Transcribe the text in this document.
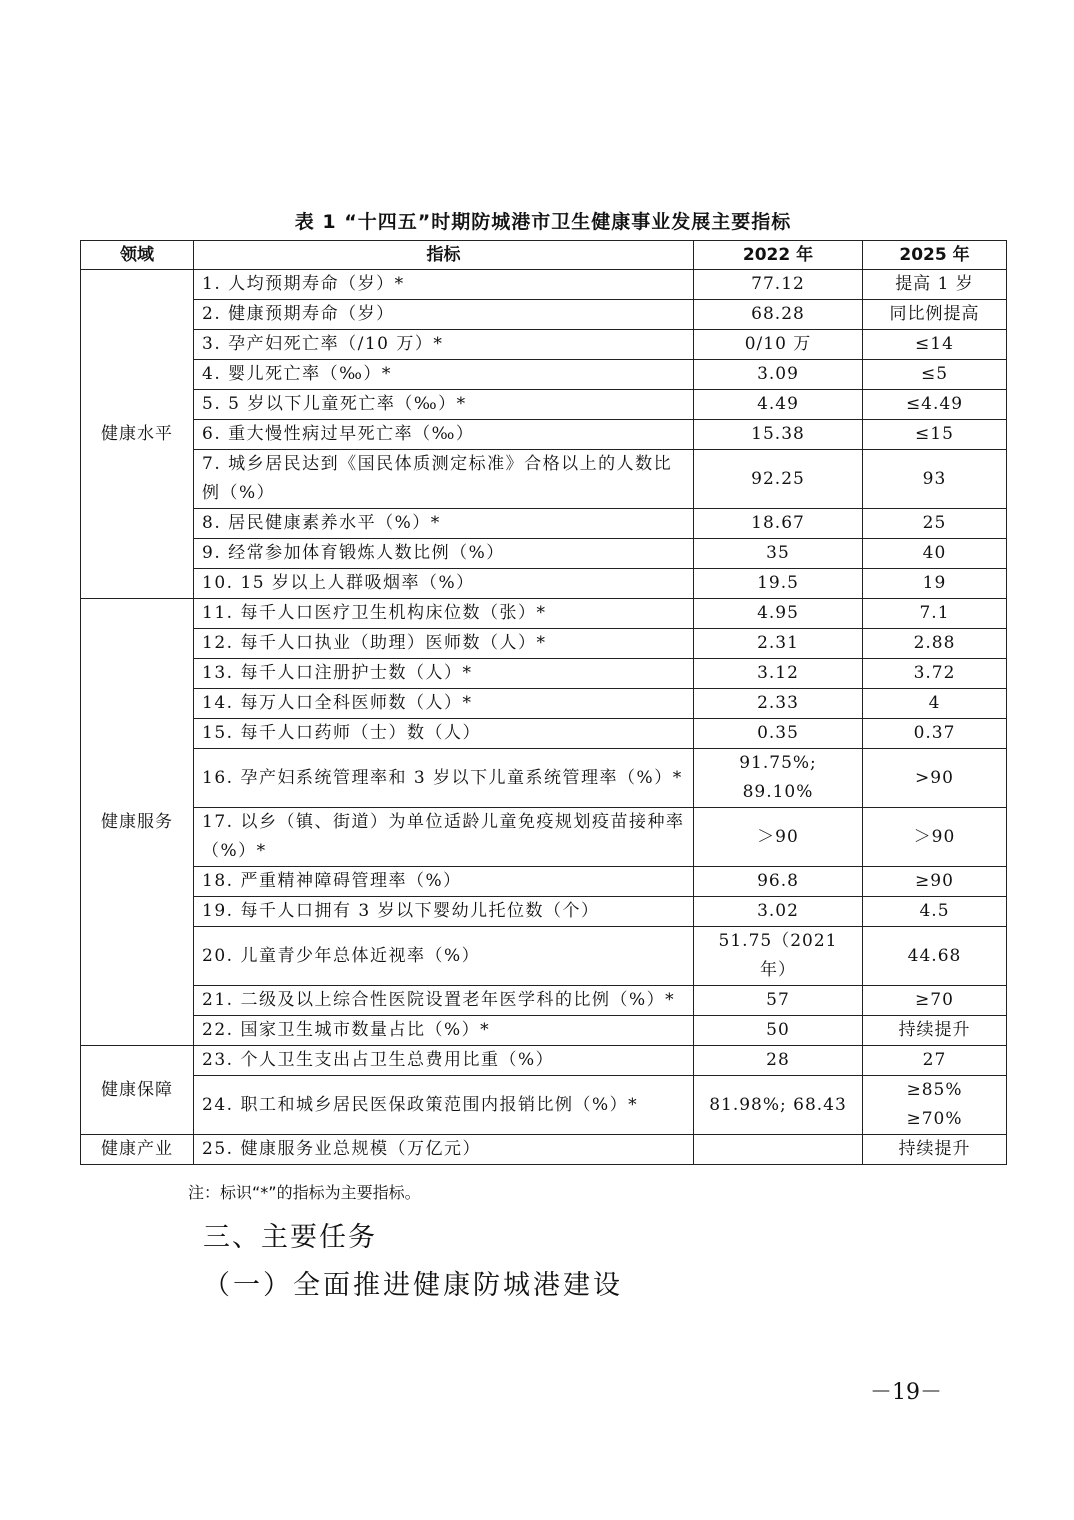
表 1 “十四五”时期防城港市卫生健康事业发展主要指标
领域	指标	2022 年	2025 年
健康水平	1. 人均预期寿命（岁）*	77.12	提高 1 岁
	2. 健康预期寿命（岁）	68.28	同比例提高
	3. 孕产妇死亡率（/10 万）*	0/10 万	≤14
	4. 婴儿死亡率（‰）*	3.09	≤5
	5. 5 岁以下儿童死亡率（‰）*	4.49	≤4.49
	6. 重大慢性病过早死亡率（‰）	15.38	≤15
	7. 城乡居民达到《国民体质测定标准》合格以上的人数比例（%）	92.25	93
	8. 居民健康素养水平（%）*	18.67	25
	9. 经常参加体育锻炼人数比例（%）	35	40
	10. 15 岁以上人群吸烟率（%）	19.5	19
健康服务	11. 每千人口医疗卫生机构床位数（张）*	4.95	7.1
	12. 每千人口执业（助理）医师数（人）*	2.31	2.88
	13. 每千人口注册护士数（人）*	3.12	3.72
	14. 每万人口全科医师数（人）*	2.33	4
	15. 每千人口药师（士）数（人）	0.35	0.37
	16. 孕产妇系统管理率和 3 岁以下儿童系统管理率（%）*	91.75%; 89.10%	>90
	17. 以乡（镇、街道）为单位适龄儿童免疫规划疫苗接种率（%）*	＞90	＞90
	18. 严重精神障碍管理率（%）	96.8	≥90
	19. 每千人口拥有 3 岁以下婴幼儿托位数（个）	3.02	4.5
	20. 儿童青少年总体近视率（%）	51.75（2021 年）	44.68
	21. 二级及以上综合性医院设置老年医学科的比例（%）*	57	≥70
	22. 国家卫生城市数量占比（%）*	50	持续提升
健康保障	23. 个人卫生支出占卫生总费用比重（%）	28	27
	24. 职工和城乡居民医保政策范围内报销比例（%）*	81.98%; 68.43	≥85%
≥70%
健康产业	25. 健康服务业总规模（万亿元）		持续提升
注：标识“*”的指标为主要指标。
三、主要任务
（一）全面推进健康防城港建设
－19－
